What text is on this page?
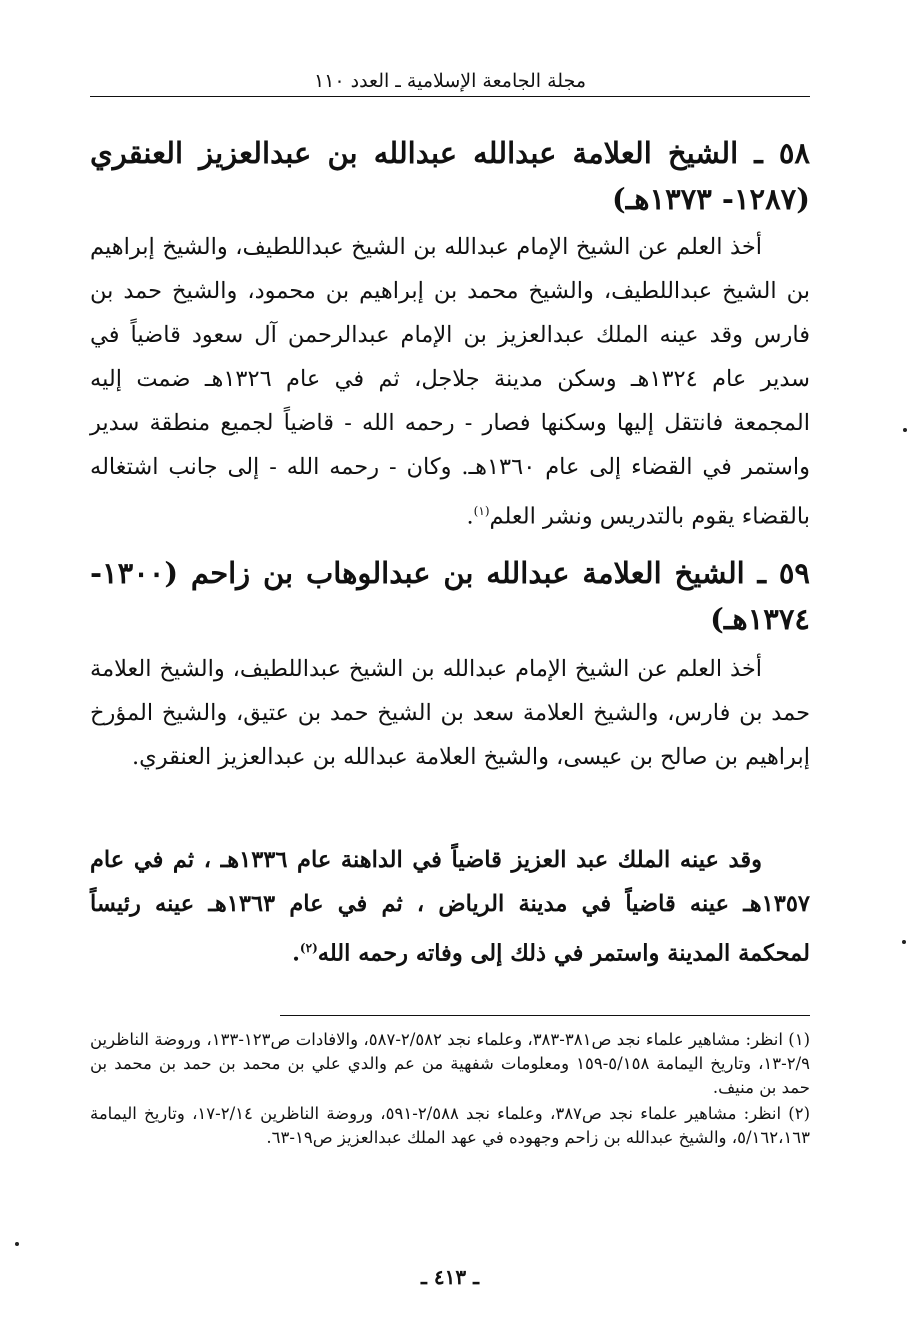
مجلة الجامعة الإسلامية ـ العدد ١١٠
٥٨ ـ الشيخ العلامة عبدالله عبدالله بن عبدالعزيز العنقري (١٢٨٧- ١٣٧٣هـ)
أخذ العلم عن الشيخ الإمام عبدالله بن الشيخ عبداللطيف، والشيخ إبراهيم بن الشيخ عبداللطيف، والشيخ محمد بن إبراهيم بن محمود، والشيخ حمد بن فارس وقد عينه الملك عبدالعزيز بن الإمام عبدالرحمن آل سعود قاضياً في سدير عام ١٣٢٤هـ وسكن مدينة جلاجل، ثم في عام ١٣٢٦هـ ضمت إليه المجمعة فانتقل إليها وسكنها فصار - رحمه الله - قاضياً لجميع منطقة سدير واستمر في القضاء إلى عام ١٣٦٠هـ. وكان - رحمه الله - إلى جانب اشتغاله بالقضاء يقوم بالتدريس ونشر العلم$^{(١)}$.
٥٩ ـ الشيخ العلامة عبدالله بن عبدالوهاب بن زاحم (١٣٠٠- ١٣٧٤هـ)
أخذ العلم عن الشيخ الإمام عبدالله بن الشيخ عبداللطيف، والشيخ العلامة حمد بن فارس، والشيخ العلامة سعد بن الشيخ حمد بن عتيق، والشيخ المؤرخ إبراهيم بن صالح بن عيسى، والشيخ العلامة عبدالله بن عبدالعزيز العنقري.
وقد عينه الملك عبد العزيز قاضياً في الداهنة عام ١٣٣٦هـ ، ثم في عام ١٣٥٧هـ عينه قاضياً في مدينة الرياض ، ثم في عام ١٣٦٣هـ عينه رئيساً لمحكمة المدينة واستمر في ذلك إلى وفاته رحمه الله$^{(٢)}$.
(١) انظر: مشاهير علماء نجد ص٣٨١-٣٨٣، وعلماء نجد ٢/٥٨٢-٥٨٧، والافادات ص١٢٣-١٣٣، وروضة الناظرين ٢/٩-١٣، وتاريخ اليمامة ٥/١٥٨-١٥٩ ومعلومات شفهية من عم والدي علي بن محمد بن حمد بن محمد بن حمد بن منيف.
(٢) انظر: مشاهير علماء نجد ص٣٨٧، وعلماء نجد ٢/٥٨٨-٥٩١، وروضة الناظرين ٢/١٤-١٧، وتاريخ اليمامة ٥/١٦٢،١٦٣، والشيخ عبدالله بن زاحم وجهوده في عهد الملك عبدالعزيز ص١٩-٦٣.
ـ ٤١٣ ـ
